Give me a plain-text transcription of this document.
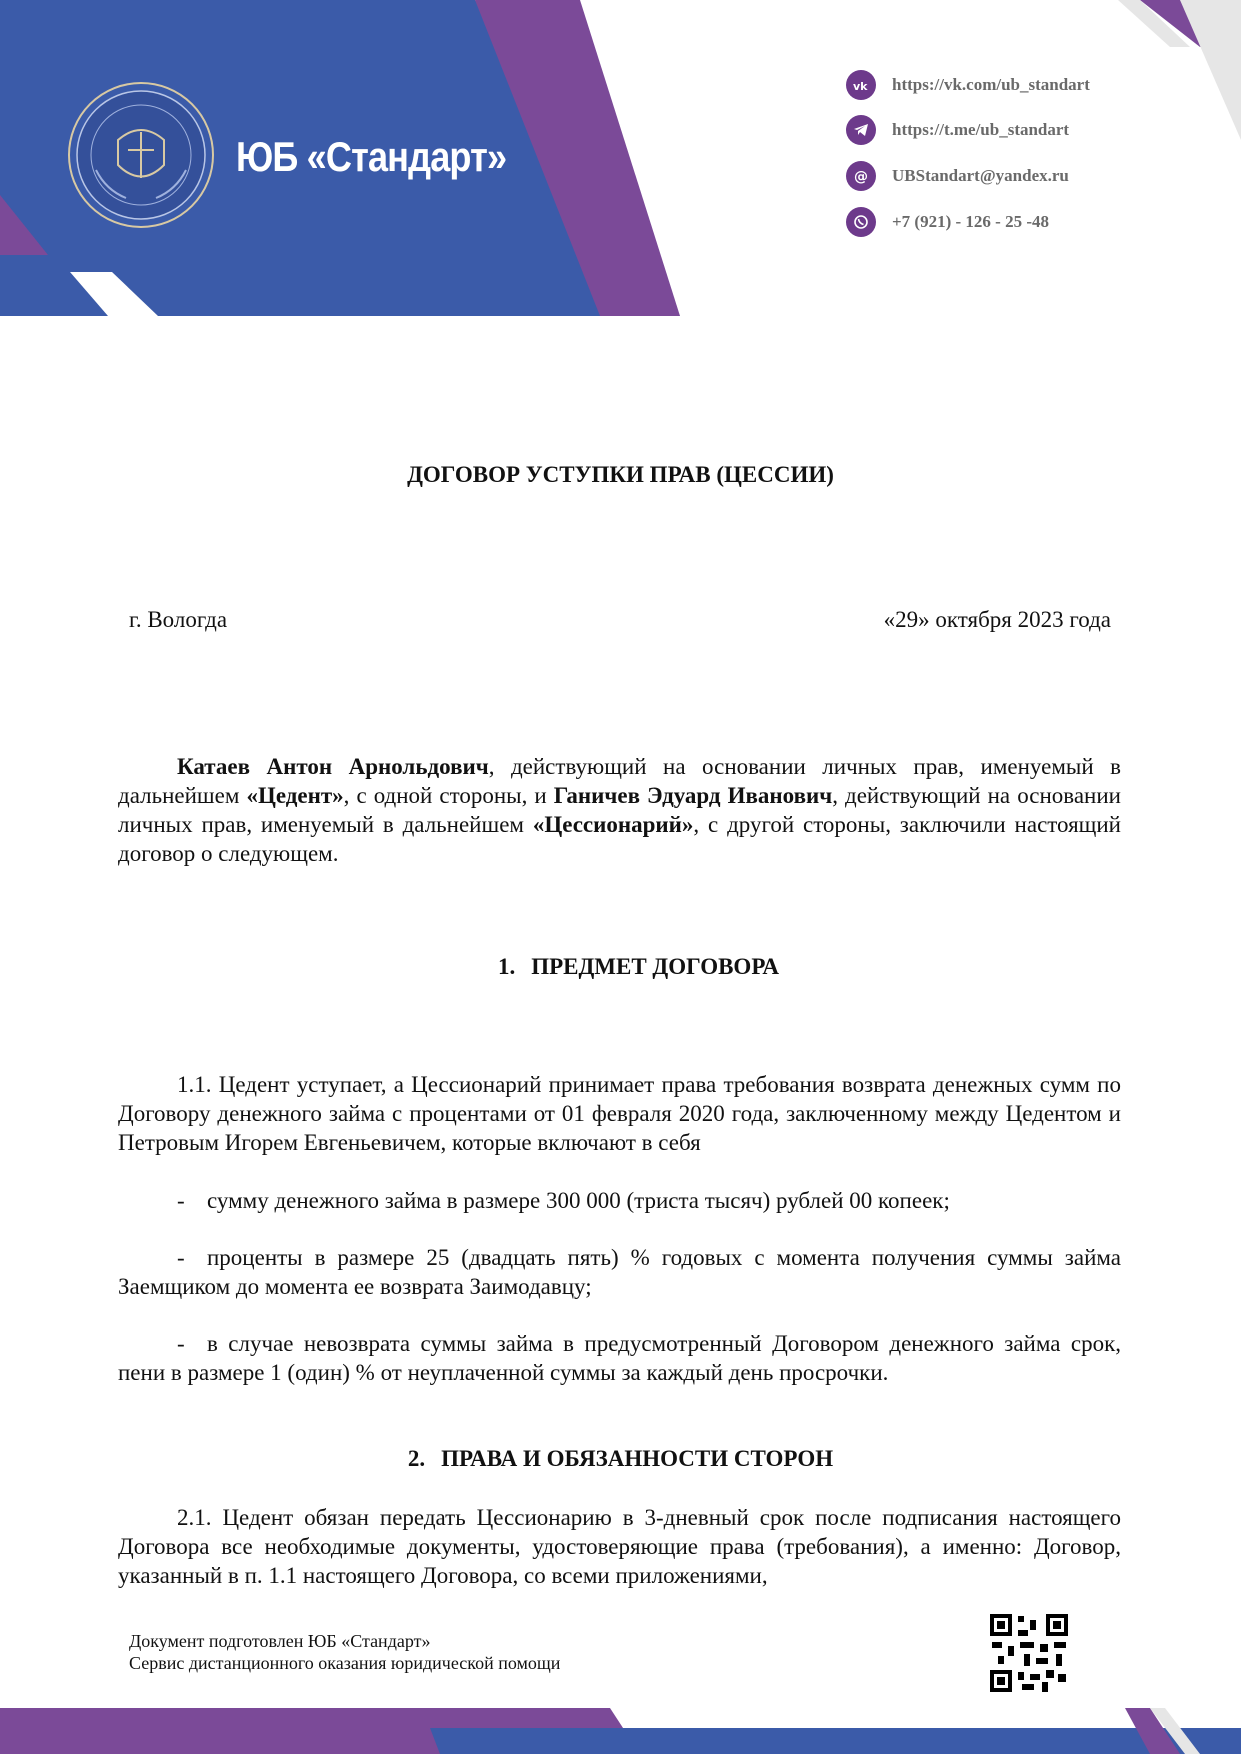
ЮБ «Стандарт»
vk https://vk.com/ub_standart
https://t.me/ub_standart
@ UBStandart@yandex.ru
+7 (921) - 126 - 25 -48
ДОГОВОР УСТУПКИ ПРАВ (ЦЕССИИ)
г. Вологда	«29» октября 2023 года

Катаев Антон Арнольдович, действующий на основании личных прав, именуемый в дальнейшем «Цедент», с одной стороны, и Ганичев Эдуард Иванович, действующий на основании личных прав, именуемый в дальнейшем «Цессионарий», с другой стороны, заключили настоящий договор о следующем.

1. ПРЕДМЕТ ДОГОВОРА

1.1. Цедент уступает, а Цессионарий принимает права требования возврата денежных сумм по Договору денежного займа с процентами от 01 февраля 2020 года, заключенному между Цедентом и Петровым Игорем Евгеньевичем, которые включают в себя

- сумму денежного займа в размере 300 000 (триста тысяч) рублей 00 копеек;

- проценты в размере 25 (двадцать пять) % годовых с момента получения суммы займа Заемщиком до момента ее возврата Заимодавцу;

- в случае невозврата суммы займа в предусмотренный Договором денежного займа срок, пени в размере 1 (один) % от неуплаченной суммы за каждый день просрочки.

2. ПРАВА И ОБЯЗАННОСТИ СТОРОН

2.1. Цедент обязан передать Цессионарию в 3-дневный срок после подписания настоящего Договора все необходимые документы, удостоверяющие права (требования), а именно: Договор, указанный в п. 1.1 настоящего Договора, со всеми приложениями,

Документ подготовлен ЮБ «Стандарт»
Сервис дистанционного оказания юридической помощи
